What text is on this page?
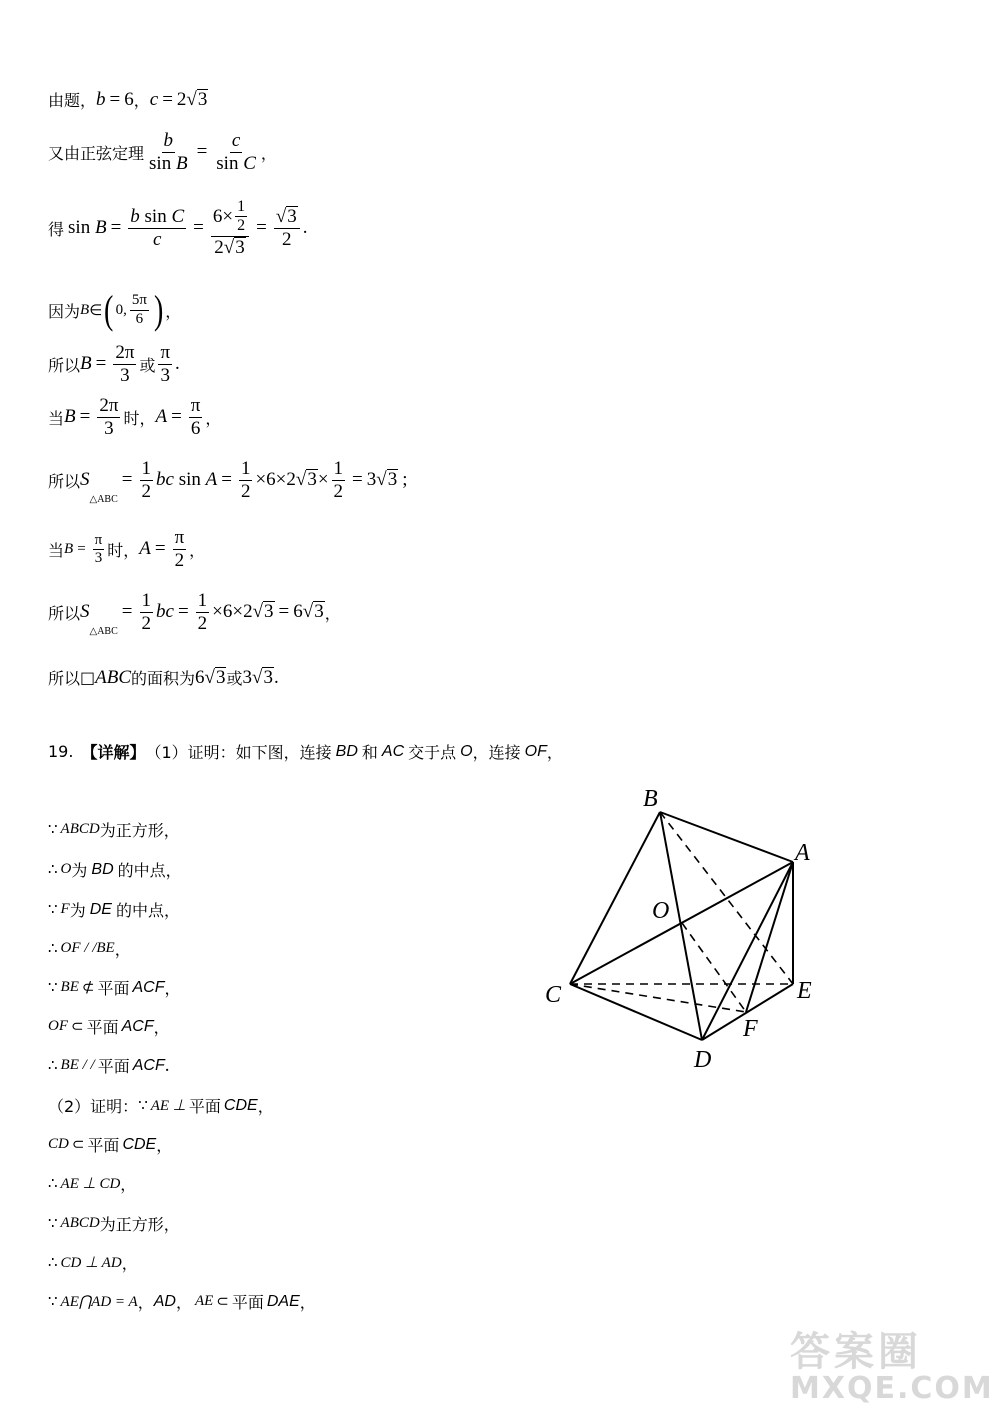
由题， b = 6 ， c = 2 √ 3
又由正弦定理 $\frac{b}{\text{sin B}} = \frac{c}{\text{sin C}}$ ，
得 $\sin B = \frac{\text{b sin C}}{c} = \frac{6\times \frac{1}{2}}{2 √ 3} = \frac{√ 3}{2}$ .
因为 B ∈ ( 0, $\frac{5\pi}{6}$ ) ，
所以 $B = \frac{2\pi}{3}$ 或 $\frac{\pi}{3}$ .
当 $B = \frac{2\pi}{3}$ 时， $A = \frac{\pi}{6}$ ，
所以 S
△ABC
= $\frac{1}{2}$ bc $\sin A = \frac{1}{2} \times 6\times 2$ √ $3 \times \frac{1}{2} = 3$ √ 3 ;
当 $B = \frac{\pi}{3}$ 时， $A = \frac{\pi}{2}$ ，
所以 S
△ABC
= $\frac{1}{2}$ bc = $\frac{1}{2} \times 6\times 2$ √ 3 = 6 √ 3 ，
所以 □ ABC 的面积为 6 √ 3 或 3 √ 3 .
19. 【详解】 （1）证明：如下图，连接 BD 和 AC 交于点 O ，连接 OF ，
∵ ABCD 为正方形，
∴ O 为 BD 的中点，
∵ F 为 DE 的中点，
∴ OF / /BE ，
∵ BE ⊄ 平面 ACF ，
OF ⊂ 平面 ACF ，
∴ BE / / 平面 ACF .
（2）证明： ∵ AE ⊥ 平面 CDE ，
CD ⊂ 平面 CDE ，
∴ AE ⊥ CD ，
∵ ABCD 为正方形，
∴ CD ⊥ AD ，
∵ AE⋂AD = A ， AD ， AE ⊂ 平面 DAE ，
B
A
O
C	E
F
D
答案圈
MXQE.COM
